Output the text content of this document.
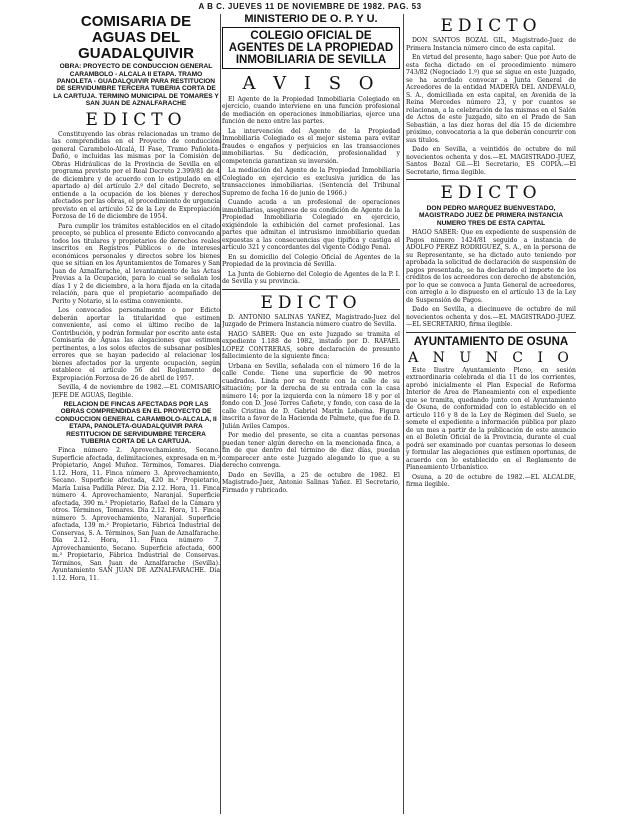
A B C. JUEVES 11 DE NOVIEMBRE DE 1982. PAG. 53
COMISARIA DE AGUAS DEL GUADALQUIVIR
OBRA: PROYECTO DE CONDUCCION GENERAL CARAMBOLO - ALCALA II ETAPA. TRAMO PANOLETA - GUADALQUIVIR PARA RESTITUCION DE SERVIDUMBRE TERCERA TUBERIA CORTA DE LA CARTUJA. TERMINO MUNICIPAL DE TOMARES Y SAN JUAN DE AZNALFARACHE
EDICTO

Constituyendo las obras relacionadas un tramo de las comprendidas en el Proyecto de conducción general Carambolo-Alcalá, II Fase, Tramo Pañoleta-Dañó, e incluidas las mismas por la Comisión de Obras Hidráulicas de la Provincia de Sevilla en el programa previsto por el Real Decreto 2.399/81 de 4 de diciembre y de acuerdo con lo estipulado en el apartado a) del artículo 2.º del citado Decreto, se entiende a la ocupación de los bienes y derechos afectados por las obras, el procedimiento de urgencia previsto en el artículo 52 de la Ley de Expropiación Forzosa de 16 de diciembre de 1954.

Para cumplir los trámites establecidos en el citado precepto, se publica el presente Edicto convocando a todos los titulares y propietarios de derechos reales inscritos en Registros Públicos o de intereses económicos personales y directos sobre los bienes que se sitúan en los Ayuntamientos de Tomares y San Juan de Aznalfarache, al levantamiento de las Actas Previas a la Ocupación, para lo cual se señalan los días 1 y 2 de diciembre, a la hora fijada en la citada relación, para que el propietario acompañado de Perito y Notario, si lo estima conveniente.

Los convocados personalmente o por Edicto deberán aportar la titularidad que estimen conveniente, así como el último recibo de la Contribución, y podrán formular por escrito ante esta Comisaría de Aguas las alegaciones que estimen pertinentes, a los solos efectos de subsanar posibles errores que se hayan padecido al relacionar los bienes afectados por la urgente ocupación, según establece el artículo 56 del Reglamento de Expropiación Forzosa de 26 de abril de 1957.

Sevilla, 4 de noviembre de 1982.—EL COMISARIO JEFE DE AGUAS, Ilegible.

RELACION DE FINCAS AFECTADAS POR LAS OBRAS COMPRENDIDAS EN EL PROYECTO DE CONDUCCION GENERAL CARAMBOLO-ALCALA, II ETAPA, PANOLETA-GUADALQUIVIR PARA RESTITUCION DE SERVIDUMBRE TERCERA TUBERIA CORTA DE LA CARTUJA.

Finca número 2. Aprovechamiento, Secano. Superficie afectada, delimitaciones, expresada en m.² Propietario, Angel Muñoz. Términos, Tomares. Día 1.12. Hora, 11. Finca número 3. Aprovechamiento, Secano. Superficie afectada, 420 m.² Propietario, María Luisa Padilla Pérez. Día 2.12. Hora, 11. Finca número 4. Aprovechamiento, Naranjal. Superficie afectada, 390 m.² Propietario, Rafael de la Cámara y otros. Términos, Tomares. Día 2.12. Hora, 11. Finca número 5. Aprovechamiento, Naranjal. Superficie afectada, 139 m.² Propietario, Fábrica Industrial de Conservas, S. A. Términos, San Juan de Aznalfarache. Día 2.12. Hora, 11. Finca número 7. Aprovechamiento, Secano. Superficie afectada, 600 m.² Propietario, Fábrica Industrial de Conservas. Términos, San Juan de Aznalfarache (Sevilla). Ayuntamiento SAN JUAN DE AZNALFARACHE. Día 1.12. Hora, 11.

MINISTERIO DE O. P. Y U.
COLEGIO OFICIAL DE AGENTES DE LA PROPIEDAD INMOBILIARIA DE SEVILLA
A V I S O

El Agente de la Propiedad Inmobiliaria Colegiado en ejercicio, cuando interviene en una función profesional de mediación en operaciones inmobiliarias, ejerce una función de nexo entre las partes.

La intervención del Agente de la Propiedad Inmobiliaria Colegiado es el mejor sistema para evitar fraudes o engaños y perjuicios en las transacciones inmobiliarias. Su dedicación, profesionalidad y competencia garantizan su inversión.

La mediación del Agente de la Propiedad Inmobiliaria Colegiado en ejercicio es exclusiva jurídica de las transacciones inmobiliarias. (Sentencia del Tribunal Supremo de fecha 16 de junio de 1966.)

Cuando acuda a un profesional de operaciones inmobiliarias, asegúrese de su condición de Agente de la Propiedad Inmobiliaria Colegiado en ejercicio, exigiéndole la exhibición del carnet profesional. Las partes que admitan el intrusismo inmobiliario quedan expuestas a las consecuencias que tipifica y castiga el artículo 321 y concordantes del vigente Código Penal.

En su domicilio del Colegio Oficial de Agentes de la Propiedad de la provincia de Sevilla.

La Junta de Gobierno del Colegio de Agentes de la P. I. de Sevilla y su provincia.

EDICTO

D. ANTONIO SALINAS YAÑEZ, Magistrado-Juez del Juzgado de Primera Instancia número cuatro de Sevilla.

HAGO SABER: Que en este Juzgado se tramita el expediente 1.188 de 1982, instado por D. RAFAEL LOPEZ CONTRERAS, sobre declaración de presunto fallecimiento de la siguiente finca:

Urbana en Sevilla, señalada con el número 16 de la calle Conde. Tiene una superficie de 90 metros cuadrados. Linda por su frente con la calle de su situación; por la derecha de su entrada con la casa número 14; por la izquierda con la número 18 y por el fondo con D. José Torres Cañete, y fondo, con casa de la calle Cristina de D. Gabriel Martín Lobeina. Figura inscrita a favor de la Hacienda de Palmete, que fue de D. Julián Aviles Campos.

Por medio del presente, se cita a cuantas personas puedan tener algún derecho en la mencionada finca, a fin de que dentro del término de diez días, puedan comparecer ante este Juzgado alegando lo que a su derecho convenga.

Dado en Sevilla, a 25 de octubre de 1982. El Magistrado-Juez, Antonio Salinas Yañez. El Secretario, Firmado y rubricado.

EDICTO

DON SANTOS BOZAL GIL, Magistrado-Juez de Primera Instancia número cinco de esta capital.

En virtud del presente, hago saber: Que por Auto de esta fecha dictado en el procedimiento número 743/82 (Negociado 1.º) que se sigue en este Juzgado, se ha acordado convocar a Junta General de Acreedores de la entidad MADERA DEL ANDÉVALO, S. A., domiciliada en esta capital, en Avenida de la Reina Mercedes número 23, y por cuantos se relacionan, a la celebración de las mismas en el Salón de Actos de este Juzgado, sito en el Prado de San Sebastián, a las diez horas del día 15 de diciembre próximo, convocatoria a la que deberán concurrir con sus títulos.

Dado en Sevilla, a veintidós de octubre de mil novecientos ochenta y dos.—EL MAGISTRADO-JUEZ, Santos Bozal Gil.—El Secretario, ES COPIA.—El Secretario, firma ilegible.

EDICTO
DON PEDRO MARQUEZ BUENVESTADO, MAGISTRADO JUEZ DE PRIMERA INSTANCIA NUMERO TRES DE ESTA CAPITAL

HAGO SABER: Que en expediente de suspensión de Pagos número 1424/81 seguido a instancia de ADOLFO PEREZ RODRIGUEZ, S. A., en la persona de su Representante, se ha dictado auto teniendo por aprobada la solicitud de declaración de suspensión de pagos presentada, se ha declarado el importe de los créditos de los acreedores con derecho de abstención, por lo que se convoca a Junta General de acreedores, con arreglo a lo dispuesto en el artículo 13 de la Ley de Suspensión de Pagos.

Dado en Sevilla, a diecinueve de octubre de mil novecientos ochenta y dos.—EL MAGISTRADO-JUEZ.—EL SECRETARIO, firma ilegible.

AYUNTAMIENTO DE OSUNA
A N U N C I O

Este Ilustre Ayuntamiento Pleno, en sesión extraordinaria celebrada el día 11 de los corrientes, aprobó inicialmente el Plan Especial de Reforma Interior de Área de Planeamiento con el expediente que se tramita, quedando junto con el Ayuntamiento de Osuna, de conformidad con lo establecido en el artículo 116 y 8 de la Ley de Régimen del Suelo, se somete el expediente a información pública por plazo de un mes a partir de la publicación de este anuncio en el Boletín Oficial de la Provincia, durante el cual podrá ser examinado por cuantas personas lo deseen y formular las alegaciones que estimen oportunas, de acuerdo con lo establecido en el Reglamento de Planeamiento Urbanístico.

Osuna, a 20 de octubre de 1982.—EL ALCALDE, firma ilegible.
